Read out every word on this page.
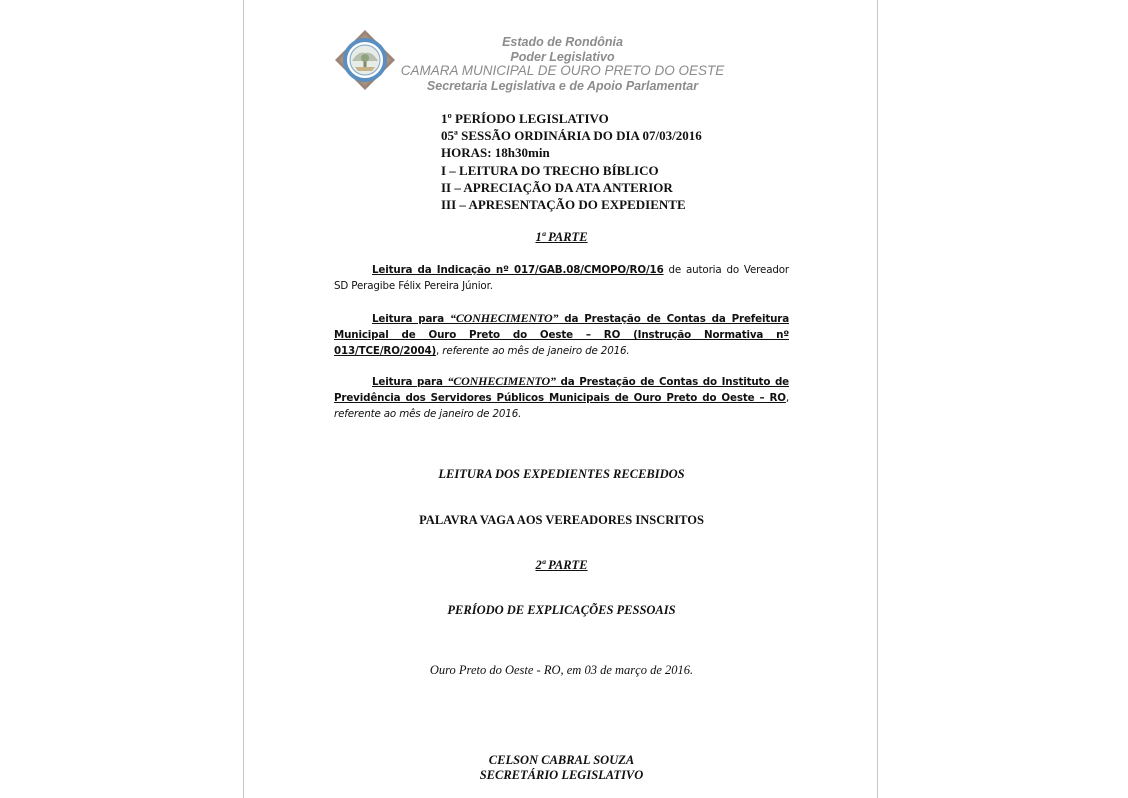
Estado de Rondônia
Poder Legislativo
CAMARA MUNICIPAL DE OURO PRETO DO OESTE
Secretaria Legislativa e de Apoio Parlamentar
1º PERÍODO LEGISLATIVO
05ª SESSÃO ORDINÁRIA DO DIA 07/03/2016
HORAS: 18h30min
I – LEITURA DO TRECHO BÍBLICO
II – APRECIAÇÃO DA ATA ANTERIOR
III – APRESENTAÇÃO DO EXPEDIENTE
1ª PARTE
Leitura da Indicação nº 017/GAB.08/CMOPO/RO/16 de autoria do Vereador SD Peragibe Félix Pereira Júnior.
Leitura para “CONHECIMENTO” da Prestação de Contas da Prefeitura Municipal de Ouro Preto do Oeste – RO (Instrução Normativa nº 013/TCE/RO/2004), referente ao mês de janeiro de 2016.
Leitura para “CONHECIMENTO” da Prestação de Contas do Instituto de Previdência dos Servidores Públicos Municipais de Ouro Preto do Oeste – RO, referente ao mês de janeiro de 2016.
LEITURA DOS EXPEDIENTES RECEBIDOS
PALAVRA VAGA AOS VEREADORES INSCRITOS
2ª PARTE
PERÍODO DE EXPLICAÇÕES PESSOAIS
Ouro Preto do Oeste - RO, em 03 de março de 2016.
CELSON CABRAL SOUZA
SECRETÁRIO LEGISLATIVO
